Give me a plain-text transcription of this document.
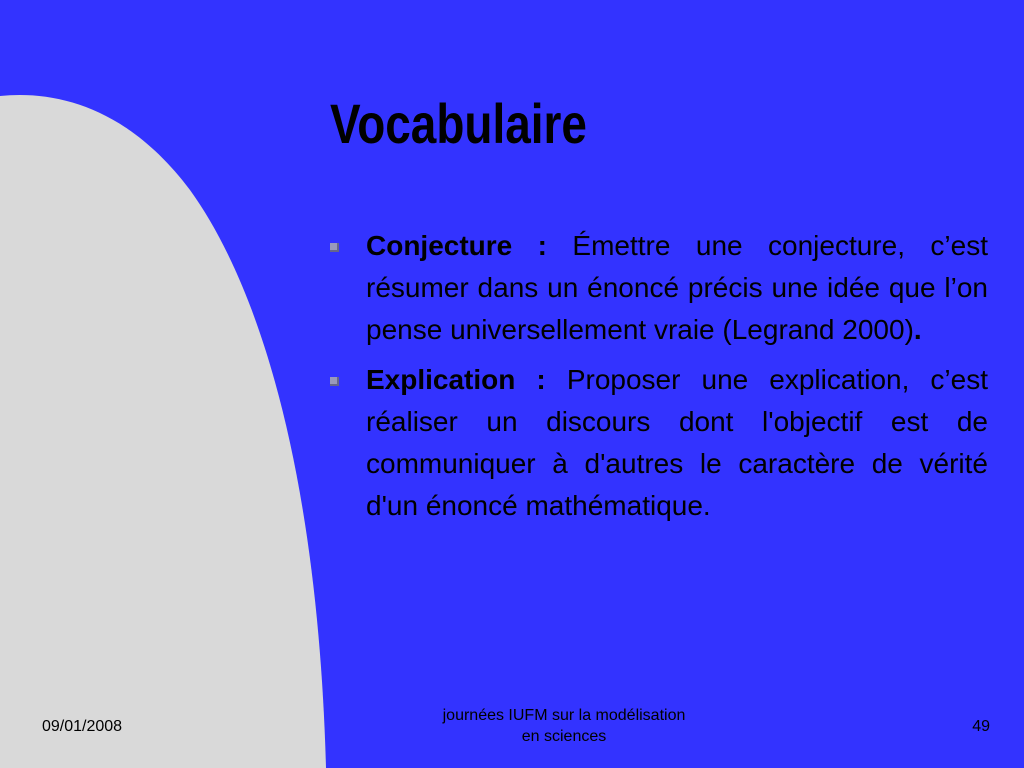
Vocabulaire
Conjecture : Émettre une conjecture, c’est résumer dans un énoncé précis une idée que l’on pense universellement vraie (Legrand 2000).
Explication : Proposer une explication, c’est réaliser un discours dont l'objectif est de communiquer à d'autres le caractère de vérité d'un énoncé mathématique.
09/01/2008
journées IUFM sur la modélisation
en sciences
49
